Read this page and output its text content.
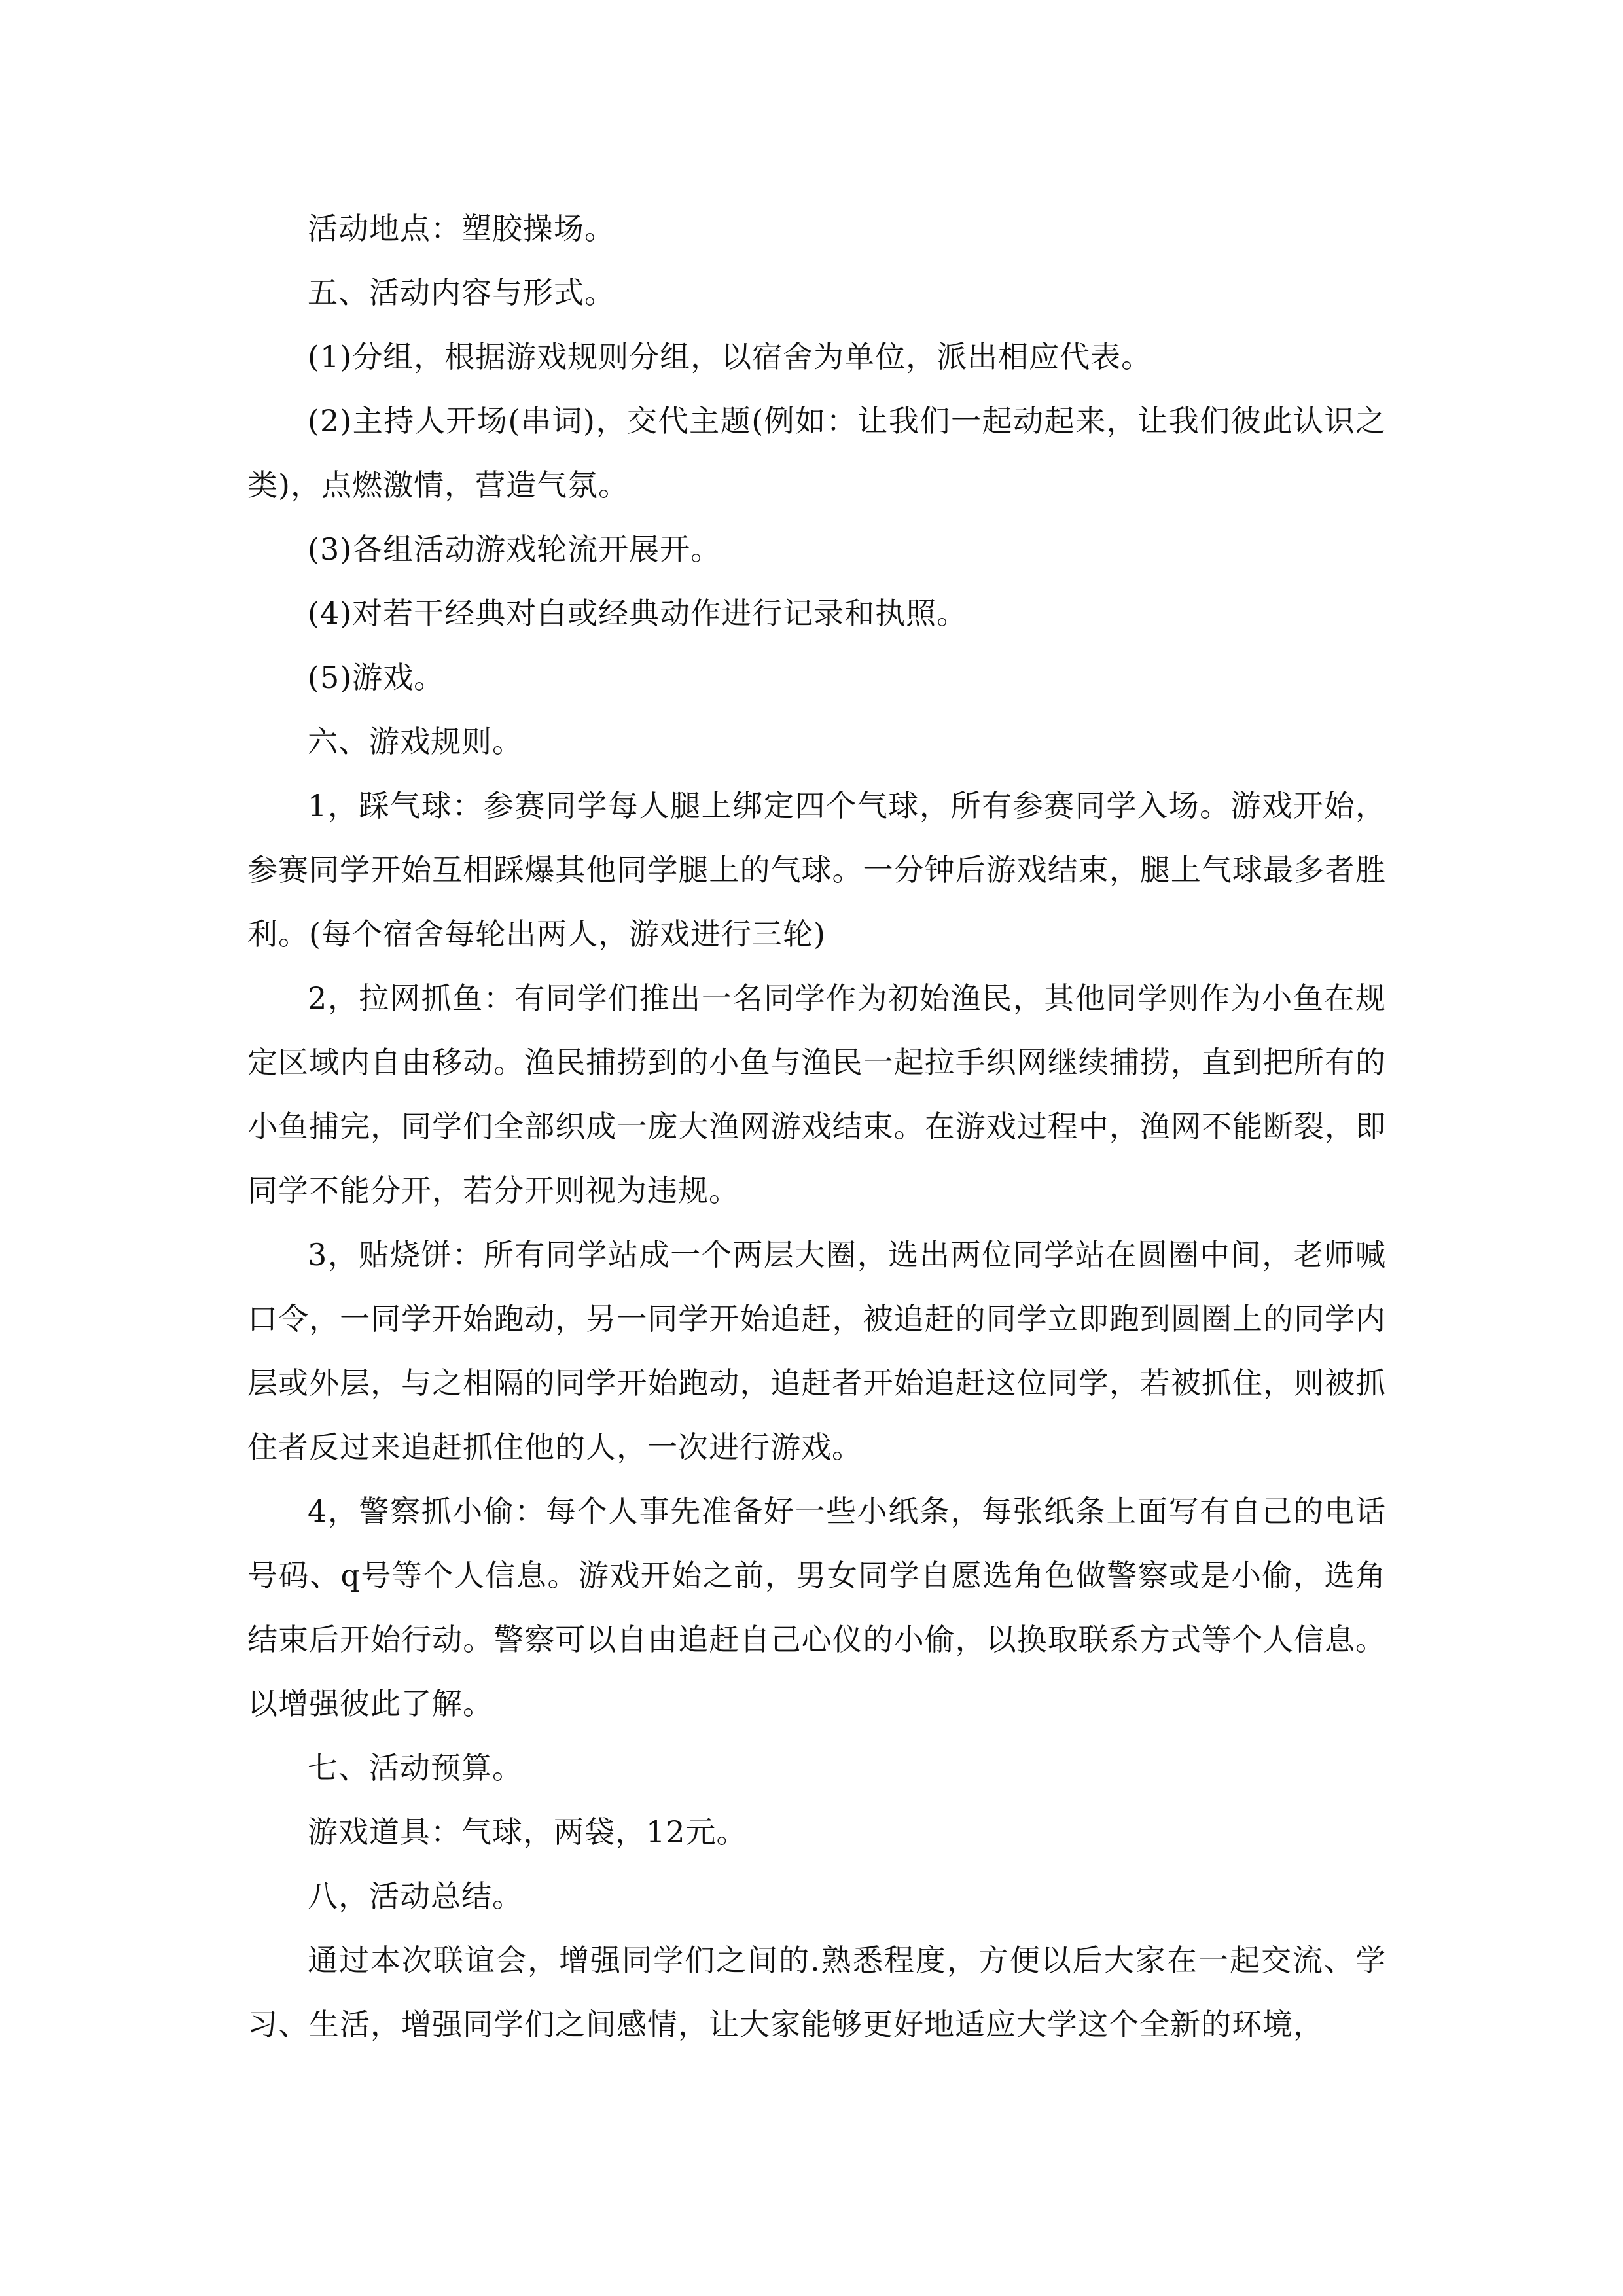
活动地点：塑胶操场。

五、活动内容与形式。

(1)分组，根据游戏规则分组，以宿舍为单位，派出相应代表。

(2)主持人开场(串词)，交代主题(例如：让我们一起动起来，让我们彼此认识之类)，点燃激情，营造气氛。

(3)各组活动游戏轮流开展开。

(4)对若干经典对白或经典动作进行记录和执照。

(5)游戏。

六、游戏规则。

1，踩气球：参赛同学每人腿上绑定四个气球，所有参赛同学入场。游戏开始，参赛同学开始互相踩爆其他同学腿上的气球。一分钟后游戏结束，腿上气球最多者胜利。(每个宿舍每轮出两人，游戏进行三轮)

2，拉网抓鱼：有同学们推出一名同学作为初始渔民，其他同学则作为小鱼在规定区域内自由移动。渔民捕捞到的小鱼与渔民一起拉手织网继续捕捞，直到把所有的小鱼捕完，同学们全部织成一庞大渔网游戏结束。在游戏过程中，渔网不能断裂，即同学不能分开，若分开则视为违规。

3，贴烧饼：所有同学站成一个两层大圈，选出两位同学站在圆圈中间，老师喊口令，一同学开始跑动，另一同学开始追赶，被追赶的同学立即跑到圆圈上的同学内层或外层，与之相隔的同学开始跑动，追赶者开始追赶这位同学，若被抓住，则被抓住者反过来追赶抓住他的人，一次进行游戏。

4，警察抓小偷：每个人事先准备好一些小纸条，每张纸条上面写有自己的电话号码、q号等个人信息。游戏开始之前，男女同学自愿选角色做警察或是小偷，选角结束后开始行动。警察可以自由追赶自己心仪的小偷，以换取联系方式等个人信息。以增强彼此了解。

七、活动预算。

游戏道具：气球，两袋，12元。

八，活动总结。

通过本次联谊会，增强同学们之间的.熟悉程度，方便以后大家在一起交流、学习、生活，增强同学们之间感情，让大家能够更好地适应大学这个全新的环境，
